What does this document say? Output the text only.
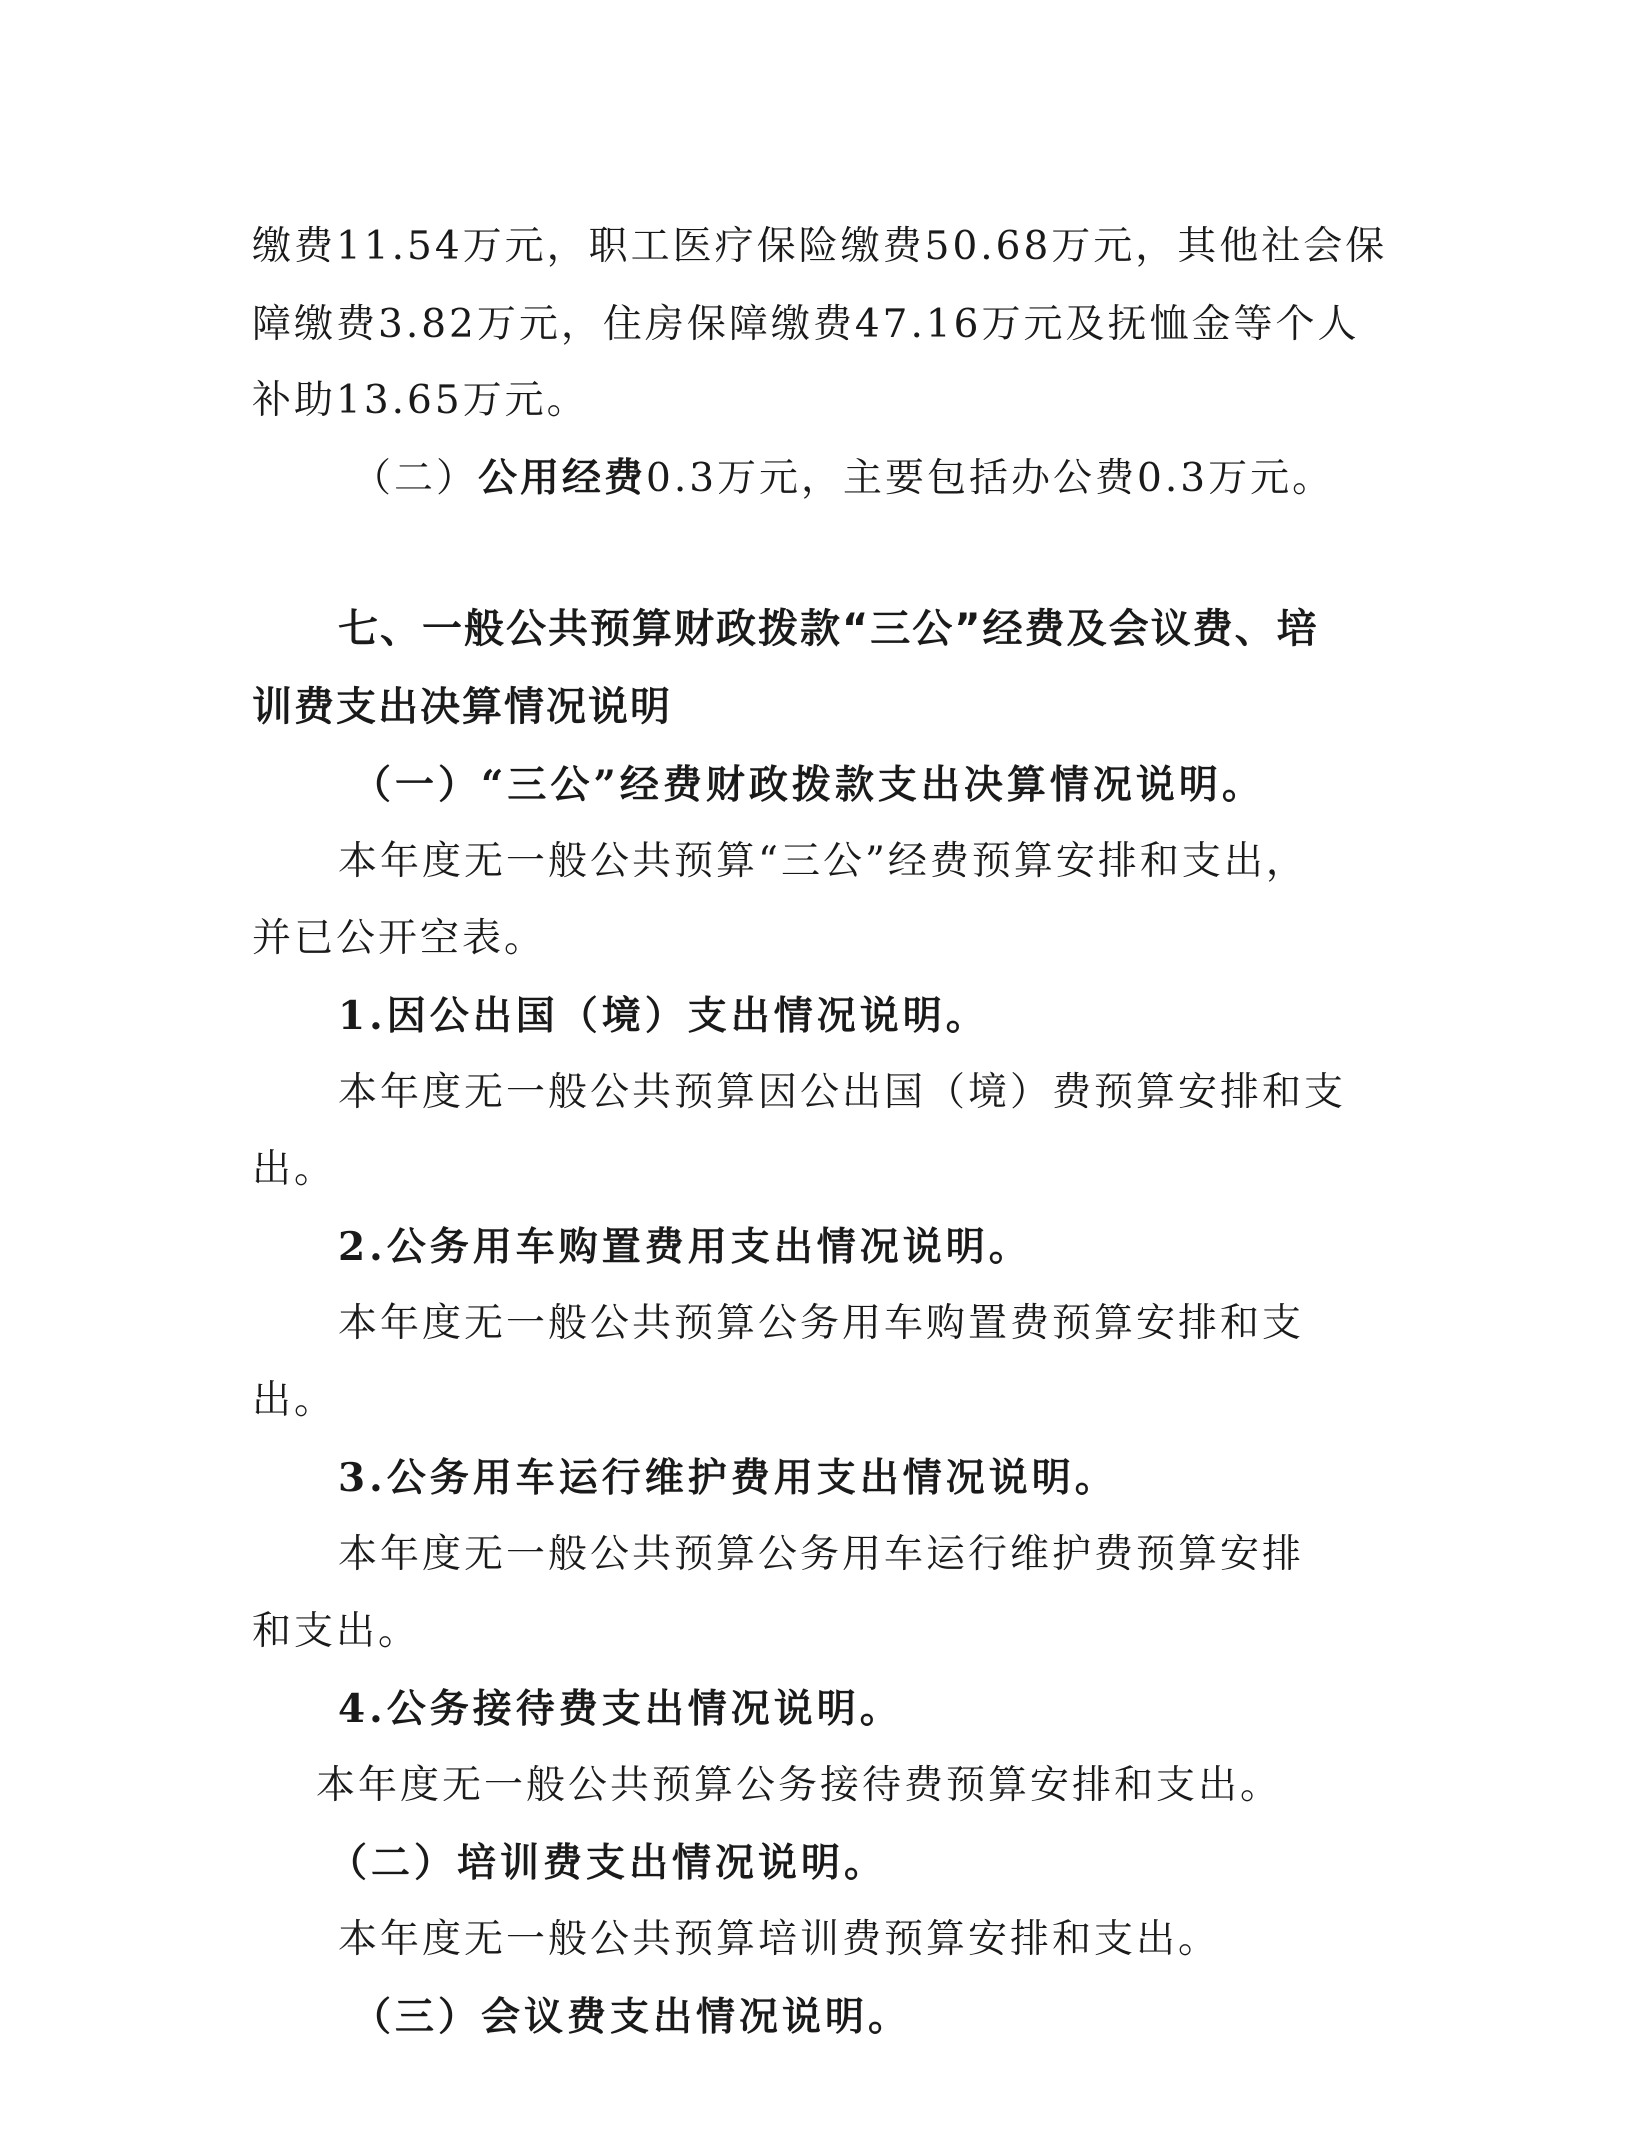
缴费11.54万元，职工医疗保险缴费50.68万元，其他社会保
障缴费3.82万元，住房保障缴费47.16万元及抚恤金等个人
补助13.65万元。
（二）公用经费0.3万元，主要包括办公费0.3万元。
七、一般公共预算财政拨款“三公”经费及会议费、培
训费支出决算情况说明
（一）“三公”经费财政拨款支出决算情况说明。
本年度无一般公共预算“三公”经费预算安排和支出，
并已公开空表。
1.因公出国（境）支出情况说明。
本年度无一般公共预算因公出国（境）费预算安排和支
出。
2.公务用车购置费用支出情况说明。
本年度无一般公共预算公务用车购置费预算安排和支
出。
3.公务用车运行维护费用支出情况说明。
本年度无一般公共预算公务用车运行维护费预算安排
和支出。
4.公务接待费支出情况说明。
本年度无一般公共预算公务接待费预算安排和支出。
（二）培训费支出情况说明。
本年度无一般公共预算培训费预算安排和支出。
（三）会议费支出情况说明。
